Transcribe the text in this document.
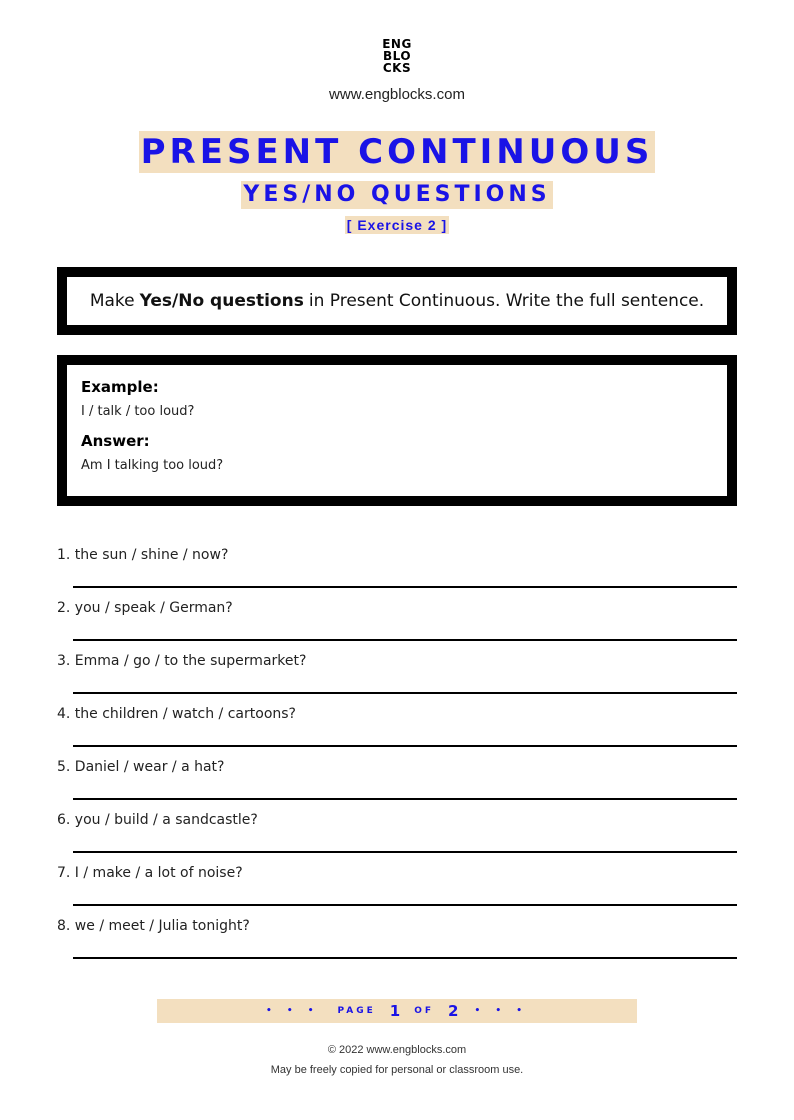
ENG
BLO
CKS
www.engblocks.com
PRESENT CONTINUOUS
YES/NO QUESTIONS
[ Exercise 2 ]
Make Yes/No questions in Present Continuous. Write the full sentence.
Example:
I / talk / too loud?
Answer:
Am I talking too loud?
1. the sun / shine / now?
2. you / speak / German?
3. Emma / go / to the supermarket?
4. the children / watch / cartoons?
5. Daniel / wear / a hat?
6. you / build / a sandcastle?
7. I / make / a lot of noise?
8. we / meet / Julia tonight?
• • • PAGE 1 OF 2 • • •
© 2022 www.engblocks.com
May be freely copied for personal or classroom use.
